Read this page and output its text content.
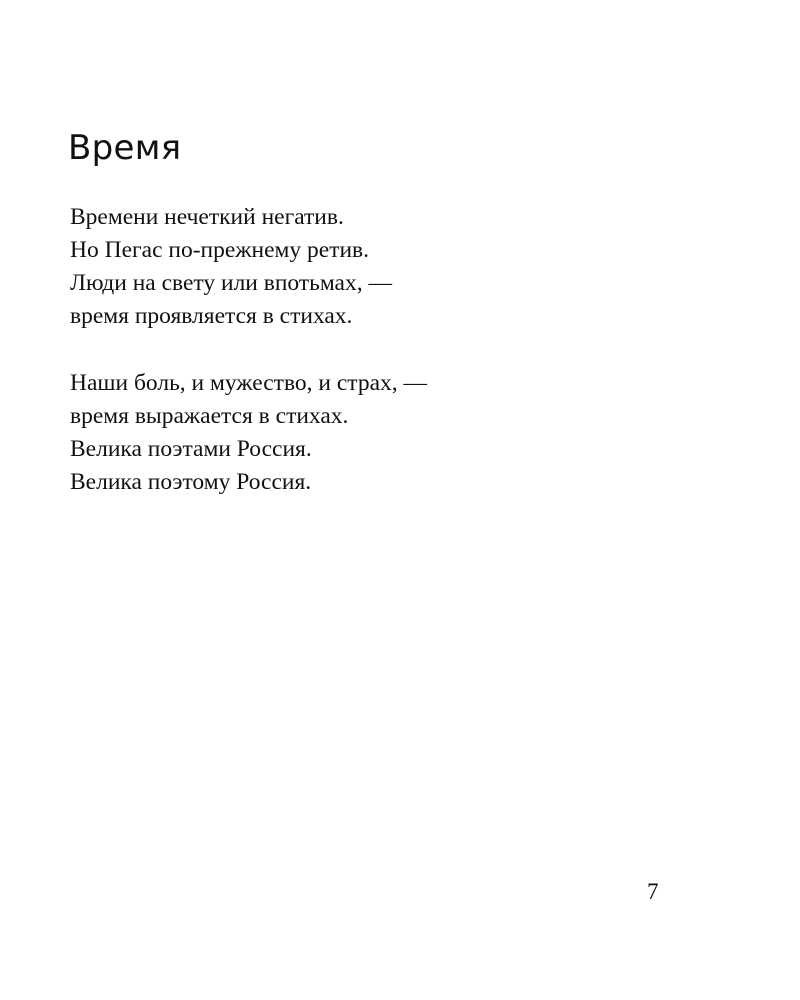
Время
Времени нечеткий негатив.
Но Пегас по-прежнему ретив.
Люди на свету или впотьмах, —
время проявляется в стихах.
Наши боль, и мужество, и страх, —
время выражается в стихах.
Велика поэтами Россия.
Велика поэтому Россия.
7
